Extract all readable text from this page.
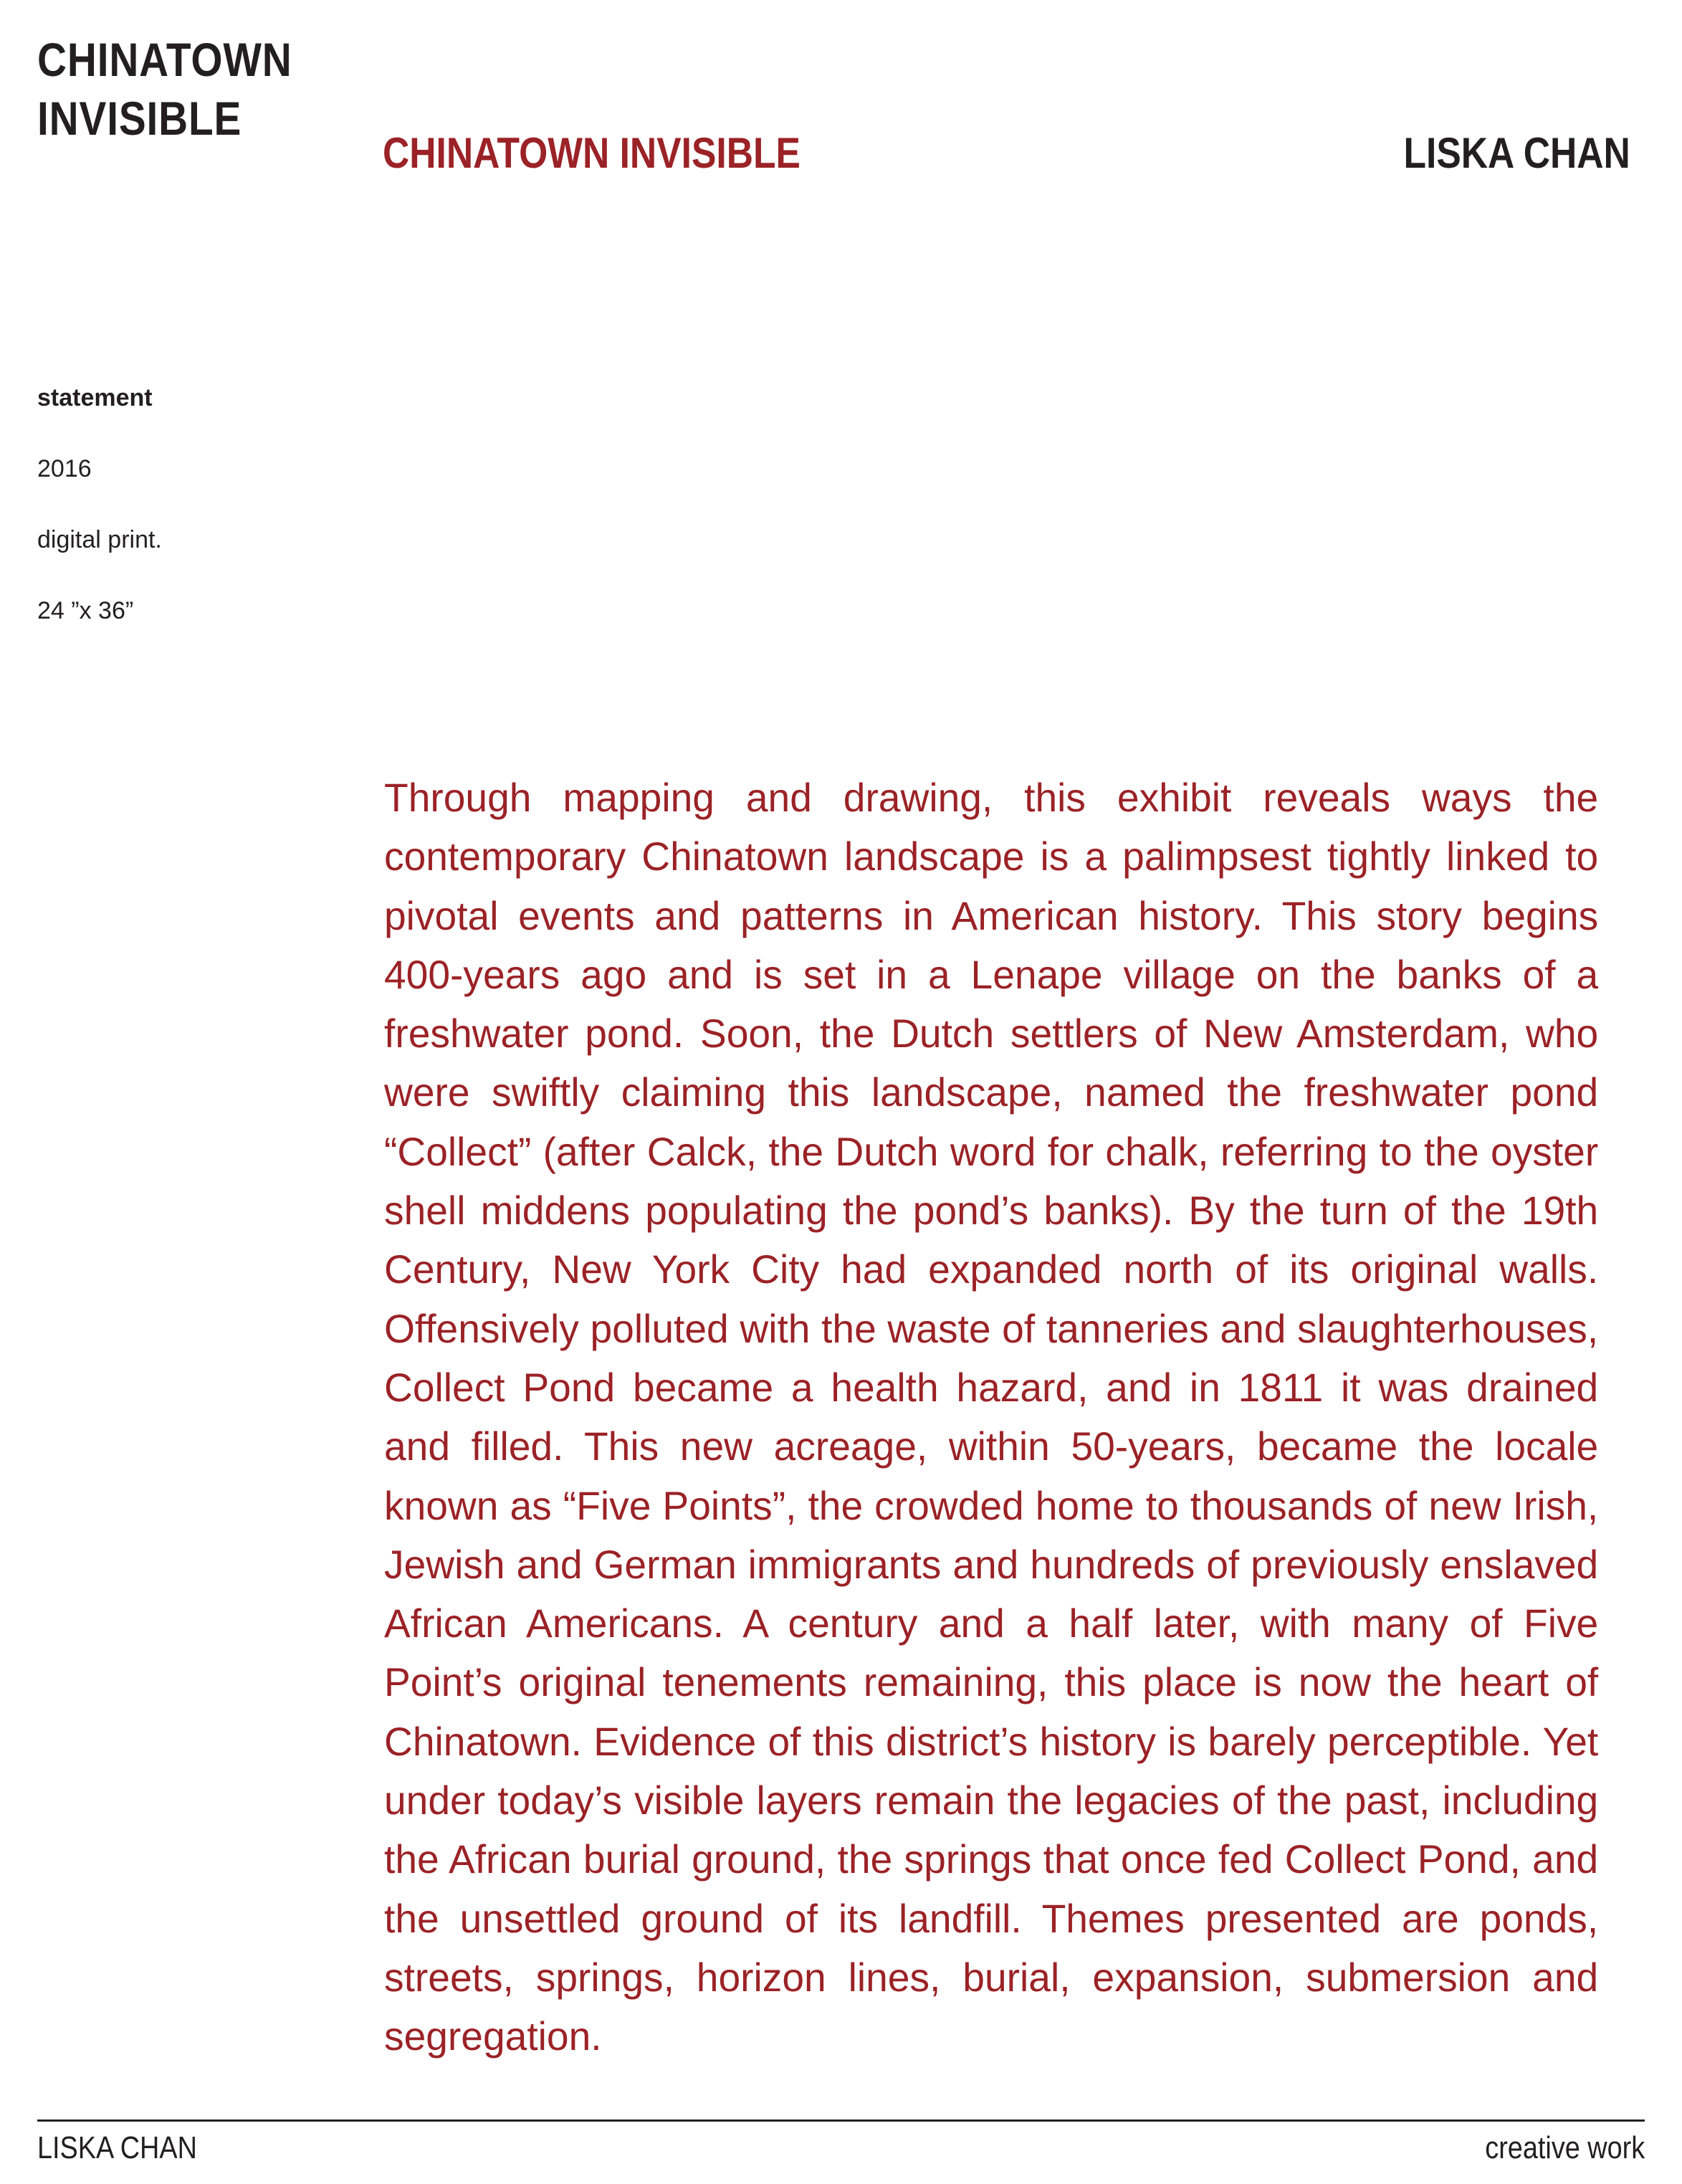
CHINATOWN
INVISIBLE
CHINATOWN INVISIBLE	LISKA CHAN
statement
2016
digital print.
24 ”x 36”
Through mapping and drawing, this exhibit reveals ways the contemporary Chinatown landscape is a palimpsest tightly linked to pivotal events and patterns in American history. This story begins 400-years ago and is set in a Lenape village on the banks of a freshwater pond. Soon, the Dutch settlers of New Amsterdam, who were swiftly claiming this landscape, named the freshwater pond “Collect” (after Calck, the Dutch word for chalk, referring to the oyster shell middens populating the pond’s banks). By the turn of the 19th Century, New York City had expanded north of its original walls. Offensively polluted with the waste of tanneries and slaughterhouses, Collect Pond became a health hazard, and in 1811 it was drained and filled. This new acreage, within 50-years, became the locale known as “Five Points”, the crowded home to thousands of new Irish, Jewish and German immigrants and hundreds of previously enslaved African Americans. A century and a half later, with many of Five Point’s original tenements remaining, this place is now the heart of Chinatown. Evidence of this district’s history is barely perceptible. Yet under today’s visible layers remain the legacies of the past, including the African burial ground, the springs that once fed Collect Pond, and the unsettled ground of its landfill. Themes presented are ponds, streets, springs, horizon lines, burial, expansion, submersion and segregation.
LISKA CHAN	creative work
